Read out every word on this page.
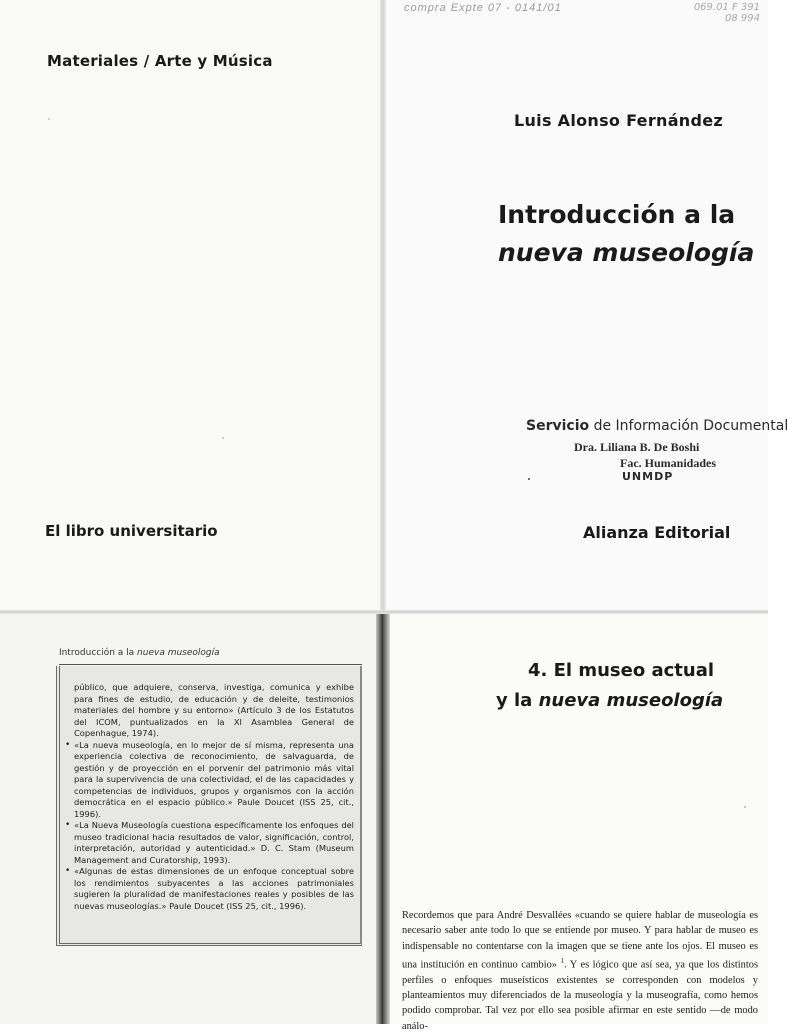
Materiales / Arte y Música
El libro universitario
compra Expte 07 - 0141/01	069.01 F 391 08 994
Luis Alonso Fernández
Introducción a la
nueva museología
Servicio de Información Documental
Dra. Liliana B. De Boshi
Fac. Humanidades
UNMDP
Alianza Editorial
Introducción a la nueva museología
público, que adquiere, conserva, investiga, comunica y exhibe para fines de estudio, de educación y de deleite, testimonios materiales del hombre y su entorno» (Artículo 3 de los Estatutos del ICOM, puntualizados en la XI Asamblea General de Copenhague, 1974).
• «La nueva museología, en lo mejor de sí misma, representa una experiencia colectiva de reconocimiento, de salvaguarda, de gestión y de proyección en el porvenir del patrimonio más vital para la supervivencia de una colectividad, el de las capacidades y competencias de individuos, grupos y organismos con la acción democrática en el espacio público.» Paule Doucet (ISS 25, cit., 1996).
• «La Nueva Museología cuestiona específicamente los enfoques del museo tradicional hacia resultados de valor, significación, control, interpretación, autoridad y autenticidad.» D. C. Stam (Museum Management and Curatorship, 1993).
• «Algunas de estas dimensiones de un enfoque conceptual sobre los rendimientos subyacentes a las acciones patrimoniales sugieren la pluralidad de manifestaciones reales y posibles de las nuevas museologías.» Paule Doucet (ISS 25, cit., 1996).
4. El museo actual
y la nueva museología
Recordemos que para André Desvallées «cuando se quiere hablar de museología es necesario saber ante todo lo que se entiende por museo. Y para hablar de museo es indispensable no contentarse con la imagen que se tiene ante los ojos. El museo es una institución en continuo cambio» $^1$. Y es lógico que así sea, ya que los distintos perfiles o enfoques museísticos existentes se corresponden con modelos y planteamientos muy diferenciados de la museología y la museografía, como hemos podido comprobar. Tal vez por ello sea posible afirmar en este sentido —de modo análo-
